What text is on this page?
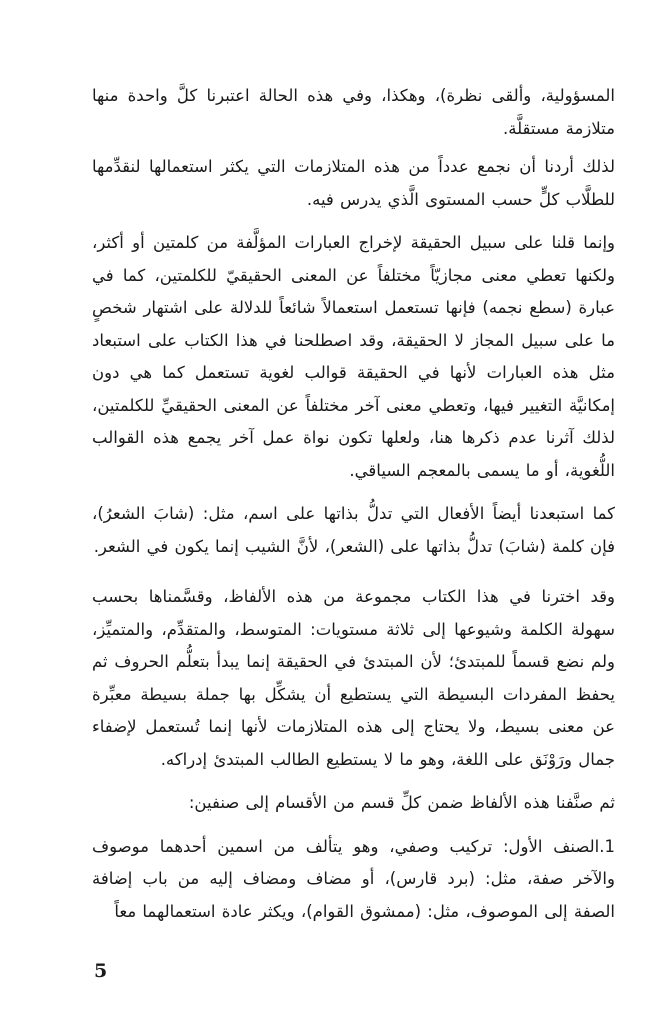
المسؤولية، وألقى نظرة)، وهكذا، وفي هذه الحالة اعتبرنا كلَّ واحدة منها متلازمة مستقلَّة.

لذلك أردنا أن نجمع عدداً من هذه المتلازمات التي يكثر استعمالها لنقدِّمها للطلَّاب كلٍّ حسب المستوى الَّذي يدرس فيه.

وإنما قلنا على سبيل الحقيقة لإخراج العبارات المؤلَّفة من كلمتين أو أكثر، ولكنها تعطي معنى مجازيّاً مختلفاً عن المعنى الحقيقيّ للكلمتين، كما في عبارة (سطع نجمه) فإنها تستعمل استعمالاً شائعاً للدلالة على اشتهار شخصٍ ما على سبيل المجاز لا الحقيقة، وقد اصطلحنا في هذا الكتاب على استبعاد مثل هذه العبارات لأنها في الحقيقة قوالب لغوية تستعمل كما هي دون إمكانيَّة التغيير فيها، وتعطي معنى آخر مختلفاً عن المعنى الحقيقيِّ للكلمتين، لذلك آثرنا عدم ذكرها هنا، ولعلها تكون نواة عمل آخر يجمع هذه القوالب اللُّغوية، أو ما يسمى بالمعجم السياقي.

كما استبعدنا أيضاً الأفعال التي تدلُّ بذاتها على اسم، مثل: (شابَ الشعرُ)، فإن كلمة (شابَ) تدلُّ بذاتها على (الشعر)، لأنَّ الشيب إنما يكون في الشعر.

وقد اخترنا في هذا الكتاب مجموعة من هذه الألفاظ، وقسَّمناها بحسب سهولة الكلمة وشيوعها إلى ثلاثة مستويات: المتوسط، والمتقدِّم، والمتميِّز، ولم نضع قسماً للمبتدئ؛ لأن المبتدئ في الحقيقة إنما يبدأ بتعلُّم الحروف ثم يحفظ المفردات البسيطة التي يستطيع أن يشكِّل بها جملة بسيطة معبِّرة عن معنى بسيط، ولا يحتاج إلى هذه المتلازمات لأنها إنما تُستعمل لإضفاء جمال ورَوْنَق على اللغة، وهو ما لا يستطيع الطالب المبتدئ إدراكه.

ثم صنَّفنا هذه الألفاظ ضمن كلِّ قسم من الأقسام إلى صنفين:

1.الصنف الأول: تركيب وصفي، وهو يتألف من اسمين أحدهما موصوف والآخر صفة، مثل: (برد قارس)، أو مضاف ومضاف إليه من باب إضافة الصفة إلى الموصوف، مثل: (ممشوق القوام)، ويكثر عادة استعمالهما معاً

5
